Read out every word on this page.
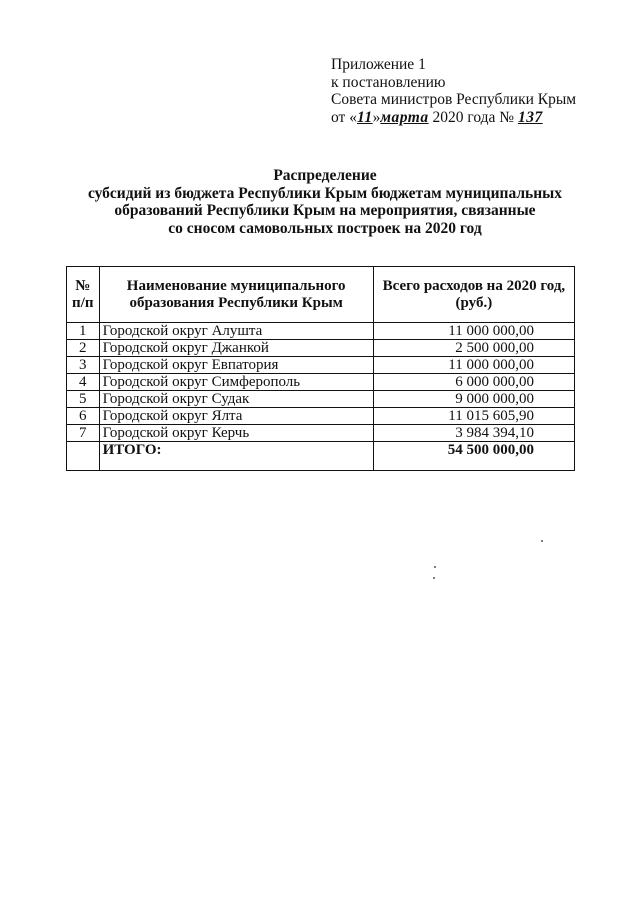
Приложение 1
к постановлению
Совета министров Республики Крым
от «11»марта 2020 года № 137
Распределение
субсидий из бюджета Республики Крым бюджетам муниципальных
образований Республики Крым на мероприятия, связанные
со сносом самовольных построек на 2020 год
№ п/п	Наименование муниципального образования Республики Крым	Всего расходов на 2020 год, (руб.)
1	Городской округ Алушта	11 000 000,00
2	Городской округ Джанкой	2 500 000,00
3	Городской округ Евпатория	11 000 000,00
4	Городской округ Симферополь	6 000 000,00
5	Городской округ Судак	9 000 000,00
6	Городской округ Ялта	11 015 605,90
7	Городской округ Керчь	3 984 394,10
	ИТОГО:	54 500 000,00
